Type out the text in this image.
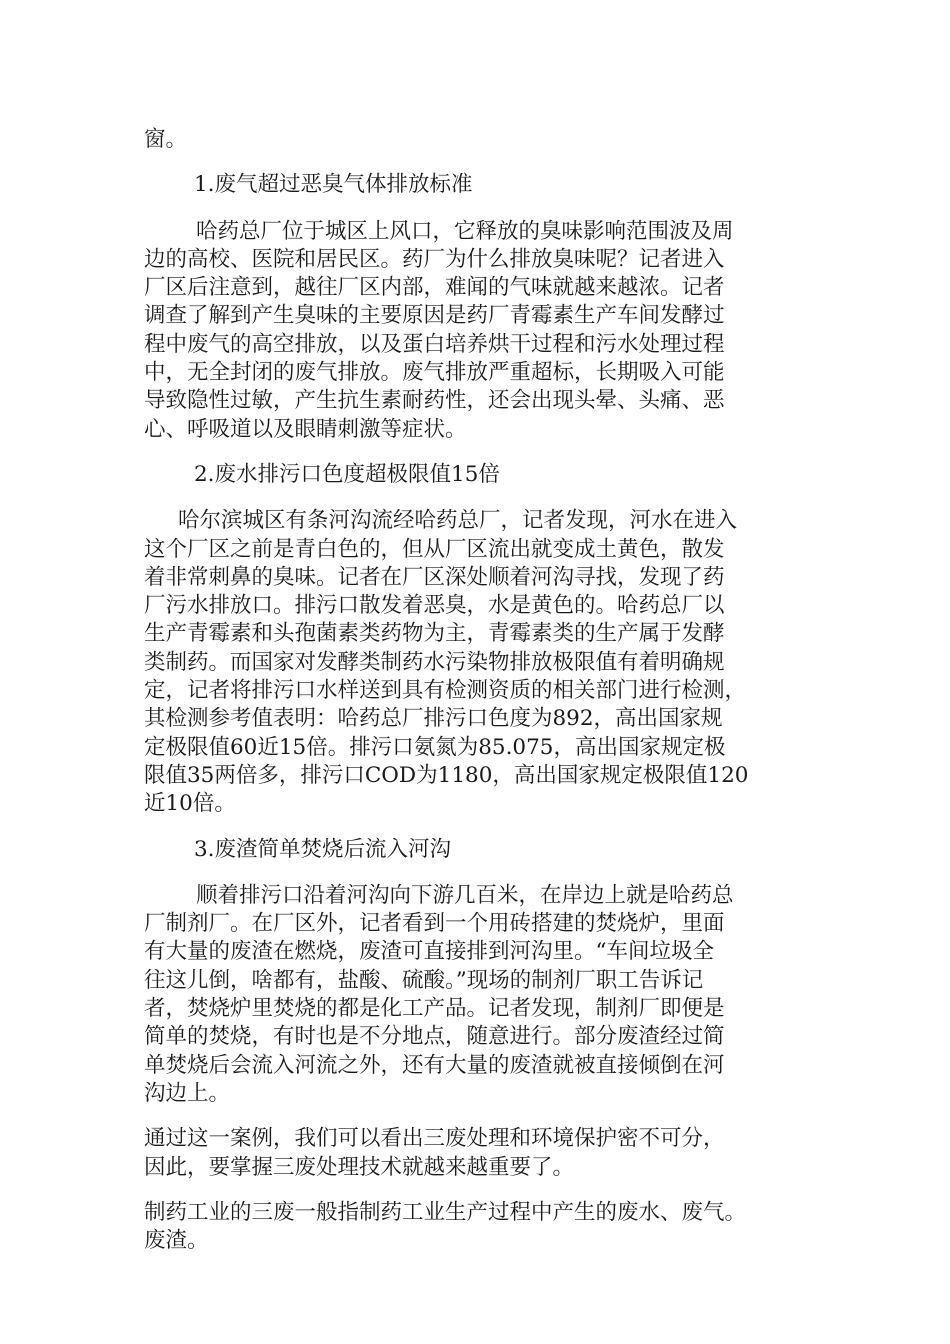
窗。
1.废气超过恶臭气体排放标准
哈药总厂位于城区上风口，它释放的臭味影响范围波及周
边的高校、医院和居民区。药厂为什么排放臭味呢？记者进入
厂区后注意到，越往厂区内部，难闻的气味就越来越浓。记者
调查了解到产生臭味的主要原因是药厂青霉素生产车间发酵过
程中废气的高空排放，以及蛋白培养烘干过程和污水处理过程
中，无全封闭的废气排放。废气排放严重超标，长期吸入可能
导致隐性过敏，产生抗生素耐药性，还会出现头晕、头痛、恶
心、呼吸道以及眼睛刺激等症状。
2.废水排污口色度超极限值15倍
哈尔滨城区有条河沟流经哈药总厂，记者发现，河水在进入
这个厂区之前是青白色的，但从厂区流出就变成土黄色，散发
着非常刺鼻的臭味。记者在厂区深处顺着河沟寻找，发现了药
厂污水排放口。排污口散发着恶臭，水是黄色的。哈药总厂以
生产青霉素和头孢菌素类药物为主，青霉素类的生产属于发酵
类制药。而国家对发酵类制药水污染物排放极限值有着明确规
定，记者将排污口水样送到具有检测资质的相关部门进行检测，
其检测参考值表明：哈药总厂排污口色度为892，高出国家规
定极限值60近15倍。排污口氨氮为85.075，高出国家规定极
限值35两倍多，排污口COD为1180，高出国家规定极限值120
近10倍。
3.废渣简单焚烧后流入河沟
顺着排污口沿着河沟向下游几百米，在岸边上就是哈药总
厂制剂厂。在厂区外，记者看到一个用砖搭建的焚烧炉，里面
有大量的废渣在燃烧，废渣可直接排到河沟里。“车间垃圾全
往这儿倒，啥都有，盐酸、硫酸。”现场的制剂厂职工告诉记
者，焚烧炉里焚烧的都是化工产品。记者发现，制剂厂即便是
简单的焚烧，有时也是不分地点，随意进行。部分废渣经过简
单焚烧后会流入河流之外，还有大量的废渣就被直接倾倒在河
沟边上。
通过这一案例，我们可以看出三废处理和环境保护密不可分，
因此，要掌握三废处理技术就越来越重要了。
制药工业的三废一般指制药工业生产过程中产生的废水、废气。
废渣。
